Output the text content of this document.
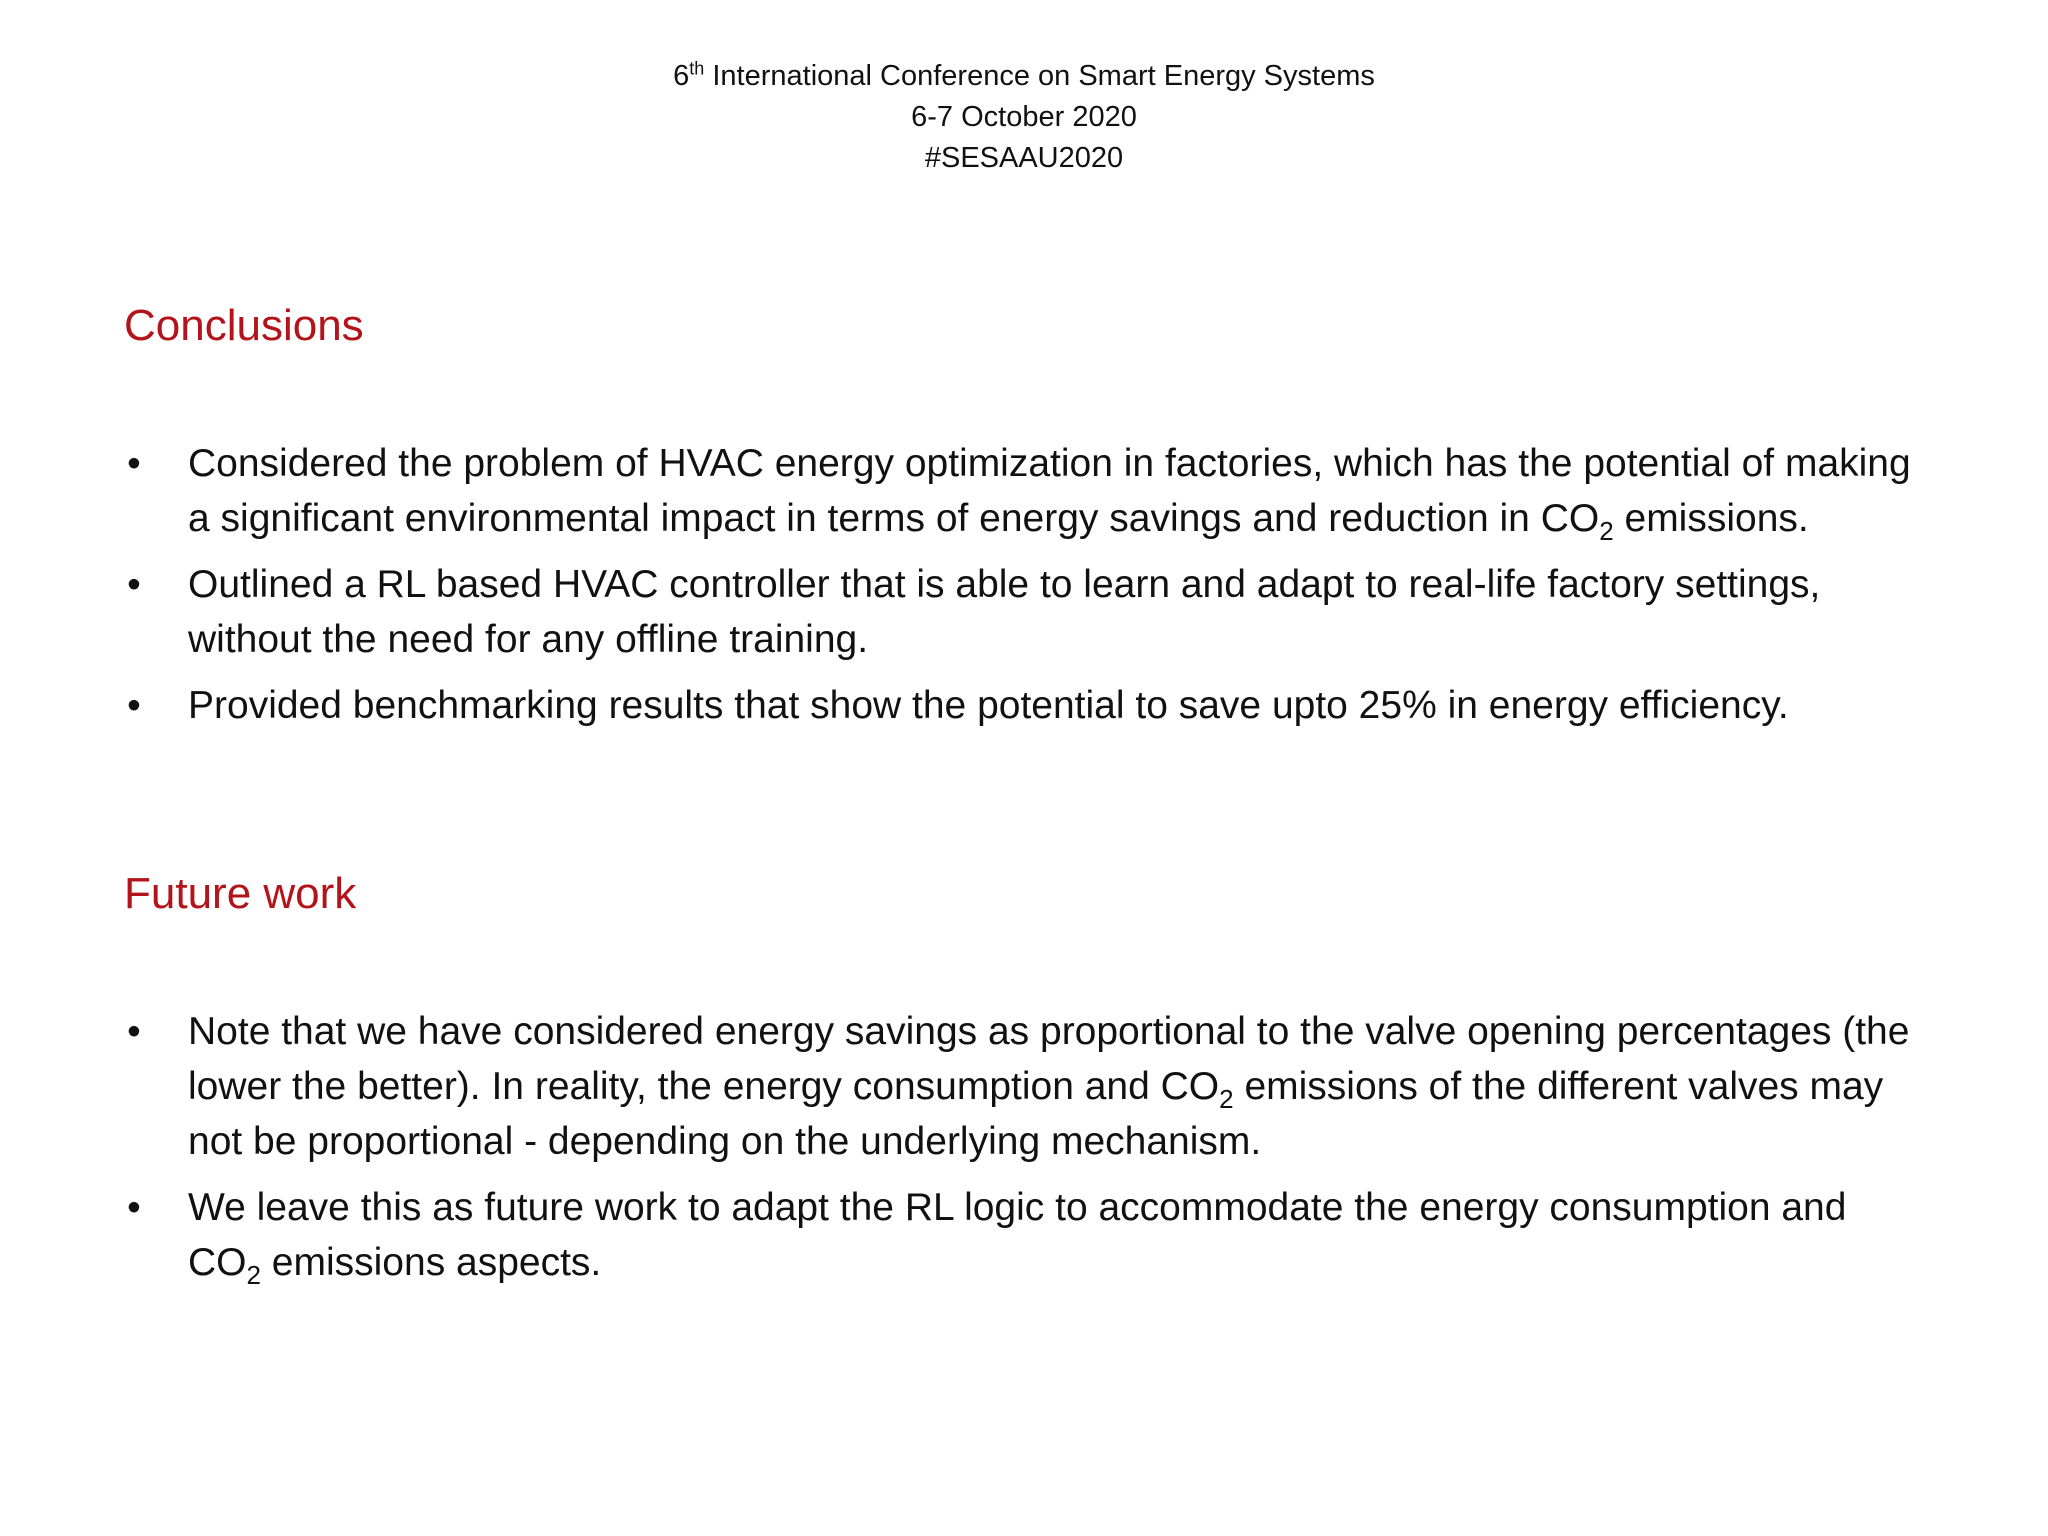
6th International Conference on Smart Energy Systems
6-7 October 2020
#SESAAU2020
Conclusions
• Considered the problem of HVAC energy optimization in factories, which has the potential of making a significant environmental impact in terms of energy savings and reduction in $CO_2$ emissions.
• Outlined a RL based HVAC controller that is able to learn and adapt to real-life factory settings, without the need for any offline training.
• Provided benchmarking results that show the potential to save upto 25% in energy efficiency.
Future work
• Note that we have considered energy savings as proportional to the valve opening percentages (the lower the better). In reality, the energy consumption and $CO_2$ emissions of the different valves may not be proportional - depending on the underlying mechanism.
• We leave this as future work to adapt the RL logic to accommodate the energy consumption and $CO_2$ emissions aspects.
